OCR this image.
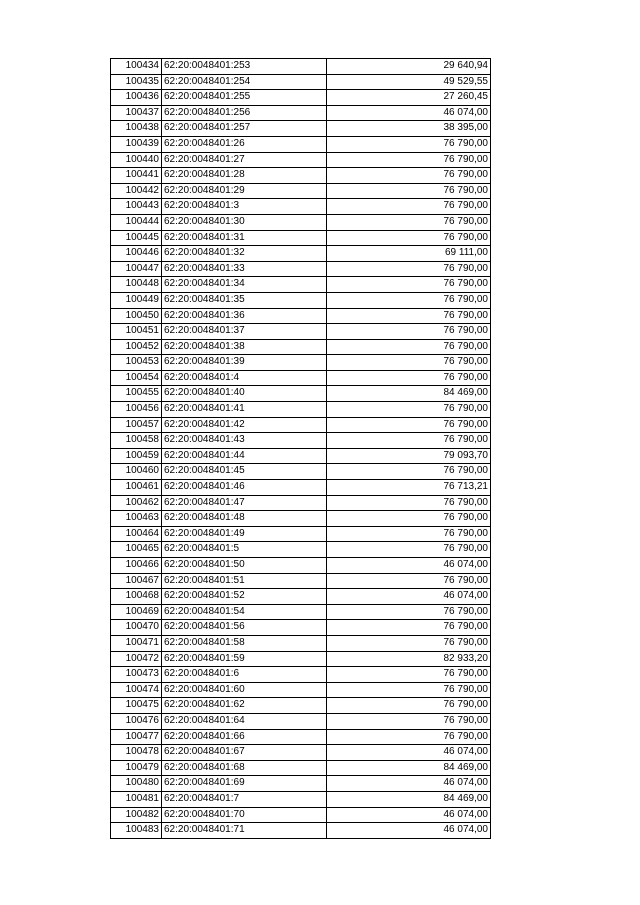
100434	62:20:0048401:253	29 640,94
100435	62:20:0048401:254	49 529,55
100436	62:20:0048401:255	27 260,45
100437	62:20:0048401:256	46 074,00
100438	62:20:0048401:257	38 395,00
100439	62:20:0048401:26	76 790,00
100440	62:20:0048401:27	76 790,00
100441	62:20:0048401:28	76 790,00
100442	62:20:0048401:29	76 790,00
100443	62:20:0048401:3	76 790,00
100444	62:20:0048401:30	76 790,00
100445	62:20:0048401:31	76 790,00
100446	62:20:0048401:32	69 111,00
100447	62:20:0048401:33	76 790,00
100448	62:20:0048401:34	76 790,00
100449	62:20:0048401:35	76 790,00
100450	62:20:0048401:36	76 790,00
100451	62:20:0048401:37	76 790,00
100452	62:20:0048401:38	76 790,00
100453	62:20:0048401:39	76 790,00
100454	62:20:0048401:4	76 790,00
100455	62:20:0048401:40	84 469,00
100456	62:20:0048401:41	76 790,00
100457	62:20:0048401:42	76 790,00
100458	62:20:0048401:43	76 790,00
100459	62:20:0048401:44	79 093,70
100460	62:20:0048401:45	76 790,00
100461	62:20:0048401:46	76 713,21
100462	62:20:0048401:47	76 790,00
100463	62:20:0048401:48	76 790,00
100464	62:20:0048401:49	76 790,00
100465	62:20:0048401:5	76 790,00
100466	62:20:0048401:50	46 074,00
100467	62:20:0048401:51	76 790,00
100468	62:20:0048401:52	46 074,00
100469	62:20:0048401:54	76 790,00
100470	62:20:0048401:56	76 790,00
100471	62:20:0048401:58	76 790,00
100472	62:20:0048401:59	82 933,20
100473	62:20:0048401:6	76 790,00
100474	62:20:0048401:60	76 790,00
100475	62:20:0048401:62	76 790,00
100476	62:20:0048401:64	76 790,00
100477	62:20:0048401:66	76 790,00
100478	62:20:0048401:67	46 074,00
100479	62:20:0048401:68	84 469,00
100480	62:20:0048401:69	46 074,00
100481	62:20:0048401:7	84 469,00
100482	62:20:0048401:70	46 074,00
100483	62:20:0048401:71	46 074,00
